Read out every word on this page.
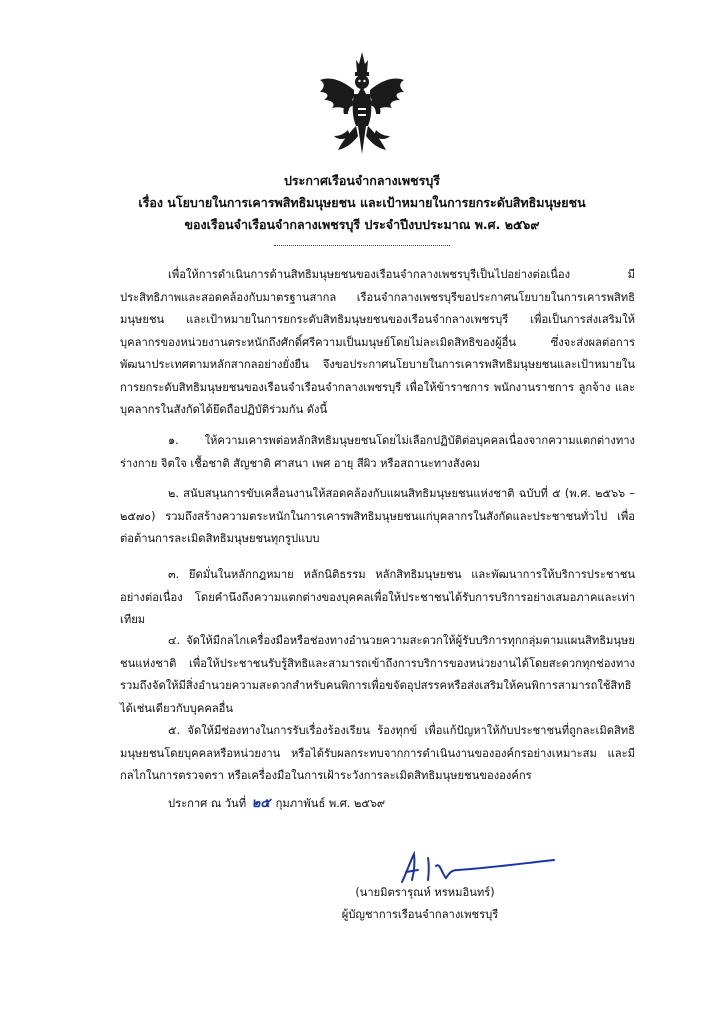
ประกาศเรือนจำกลางเพชรบุรี
เรื่อง นโยบายในการเคารพสิทธิมนุษยชน และเป้าหมายในการยกระดับสิทธิมนุษยชน
ของเรือนจำเรือนจำกลางเพชรบุรี ประจำปีงบประมาณ พ.ศ. ๒๕๖๙

เพื่อให้การดำเนินการด้านสิทธิมนุษยชนของเรือนจำกลางเพชรบุรีเป็นไปอย่างต่อเนื่อง มีประสิทธิภาพและสอดคล้องกับมาตรฐานสากล เรือนจำกลางเพชรบุรีขอประกาศนโยบายในการเคารพสิทธิมนุษยชน และเป้าหมายในการยกระดับสิทธิมนุษยชนของเรือนจำกลางเพชรบุรี เพื่อเป็นการส่งเสริมให้บุคลากรของหน่วยงานตระหนักถึงศักดิ์ศรีความเป็นมนุษย์โดยไม่ละเมิดสิทธิของผู้อื่น ซึ่งจะส่งผลต่อการพัฒนาประเทศตามหลักสากลอย่างยั่งยืน จึงขอประกาศนโยบายในการเคารพสิทธิมนุษยชนและเป้าหมายในการยกระดับสิทธิมนุษยชนของเรือนจำเรือนจำกลางเพชรบุรี เพื่อให้ข้าราชการ พนักงานราชการ ลูกจ้าง และบุคลากรในสังกัดได้ยึดถือปฏิบัติร่วมกัน ดังนี้

๑. ให้ความเคารพต่อหลักสิทธิมนุษยชนโดยไม่เลือกปฏิบัติต่อบุคคลเนื่องจากความแตกต่างทางร่างกาย จิตใจ เชื้อชาติ สัญชาติ ศาสนา เพศ อายุ สีผิว หรือสถานะทางสังคม

๒. สนับสนุนการขับเคลื่อนงานให้สอดคล้องกับแผนสิทธิมนุษยชนแห่งชาติ ฉบับที่ ๕ (พ.ศ. ๒๕๖๖ – ๒๕๗๐) รวมถึงสร้างความตระหนักในการเคารพสิทธิมนุษยชนแก่บุคลากรในสังกัดและประชาชนทั่วไป เพื่อต่อต้านการละเมิดสิทธิมนุษยชนทุกรูปแบบ

๓. ยึดมั่นในหลักกฎหมาย หลักนิติธรรม หลักสิทธิมนุษยชน และพัฒนาการให้บริการประชาชนอย่างต่อเนื่อง โดยคำนึงถึงความแตกต่างของบุคคลเพื่อให้ประชาชนได้รับการบริการอย่างเสมอภาคและเท่าเทียม

๔. จัดให้มีกลไกเครื่องมือหรือช่องทางอำนวยความสะดวกให้ผู้รับบริการทุกกลุ่มตามแผนสิทธิมนุษยชนแห่งชาติ เพื่อให้ประชาชนรับรู้สิทธิและสามารถเข้าถึงการบริการของหน่วยงานได้โดยสะดวกทุกช่องทาง รวมถึงจัดให้มีสิ่งอำนวยความสะดวกสำหรับคนพิการเพื่อขจัดอุปสรรคหรือส่งเสริมให้คนพิการสามารถใช้สิทธิได้เช่นเดียวกับบุคคลอื่น

๕. จัดให้มีช่องทางในการรับเรื่องร้องเรียน ร้องทุกข์ เพื่อแก้ปัญหาให้กับประชาชนที่ถูกละเมิดสิทธิมนุษยชนโดยบุคคลหรือหน่วยงาน หรือได้รับผลกระทบจากการดำเนินงานขององค์กรอย่างเหมาะสม และมีกลไกในการตรวจตรา หรือเครื่องมือในการเฝ้าระวังการละเมิดสิทธิมนุษยชนขององค์กร

ประกาศ ณ วันที่ ๒๕ กุมภาพันธ์ พ.ศ. ๒๕๖๙
(นายมิตรารุณห์ หรหมอินทร์)
ผู้บัญชาการเรือนจำกลางเพชรบุรี
